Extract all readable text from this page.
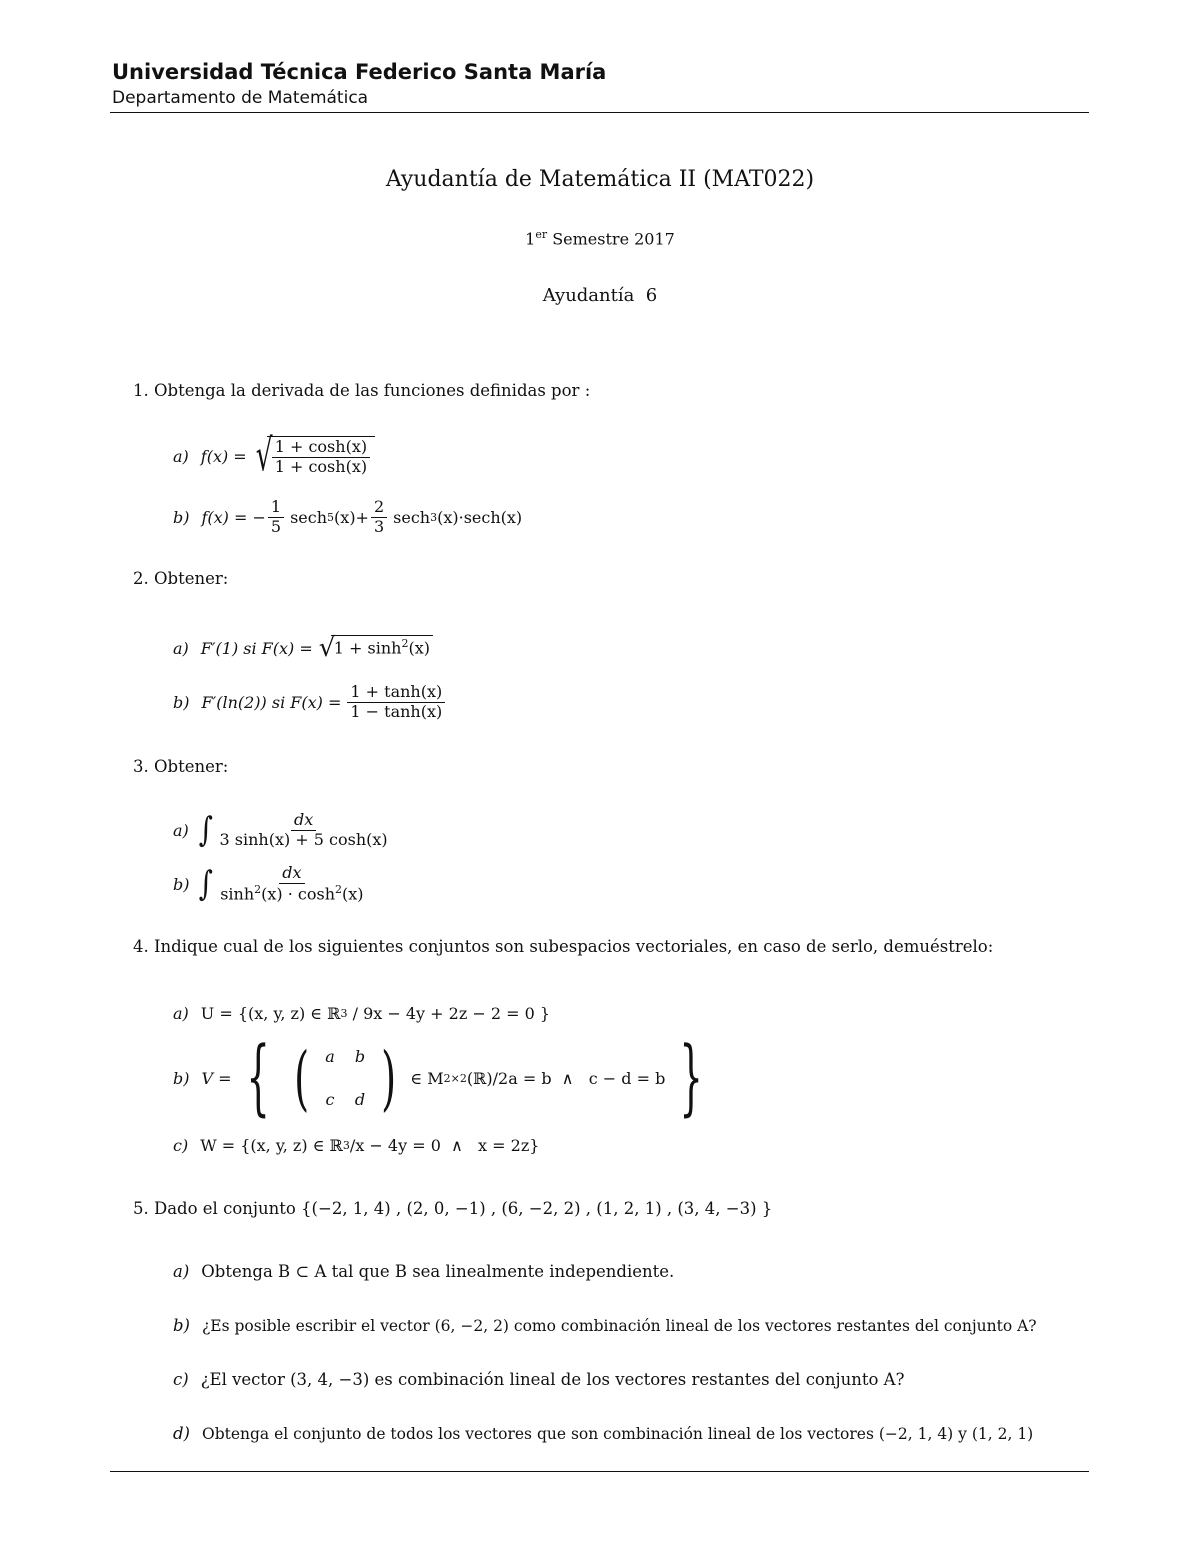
Universidad Técnica Federico Santa María
Departamento de Matemática
Ayudantía de Matemática II (MAT022)
1er Semestre 2017
Ayudantía  6
1. Obtenga la derivada de las funciones definidas por :
a) f(x) = √ $\frac{1 + \cosh(x)}{1 + \cosh(x)}$
b) f(x) = − $\frac{1}{5}$ sech 5 $(x)+ \frac{2}{3}$ sech 3 (x)·sech(x)
2. Obtener:
a) F′(1) si F(x) = √
$1 + \sinh^2(x)$
b) F′(ln(2)) si $F(x) = \frac{1 + \tanh(x)}{1 - \tanh(x)}$
3. Obtener:
a) ∫ $\frac{dx}{3 \sinh(x) + 5 \cosh(x)}$
b) ∫ $\frac{dx}{\sinh^2(x) \cdot \cosh^2(x)}$
4. Indique cual de los siguientes conjuntos son subespacios vectoriales, en caso de serlo, demuéstrelo:
a) U = {(x, y, z) ∈ ℝ 3 / 9x − 4y + 2z − 2 = 0 }
b) V = { (	a	b
c	d ) ∈ M 2×2 (ℝ)/2a = b  ∧   c − d = b }
c) W = {(x, y, z) ∈ ℝ 3 /x − 4y = 0  ∧   x = 2z}
5. Dado el conjunto {(−2, 1, 4) , (2, 0, −1) , (6, −2, 2) , (1, 2, 1) , (3, 4, −3) }
a) Obtenga B ⊂ A tal que B sea linealmente independiente.
b) ¿Es posible escribir el vector (6, −2, 2) como combinación lineal de los vectores restantes del conjunto A?
c) ¿El vector (3, 4, −3) es combinación lineal de los vectores restantes del conjunto A?
d) Obtenga el conjunto de todos los vectores que son combinación lineal de los vectores (−2, 1, 4) y (1, 2, 1)
